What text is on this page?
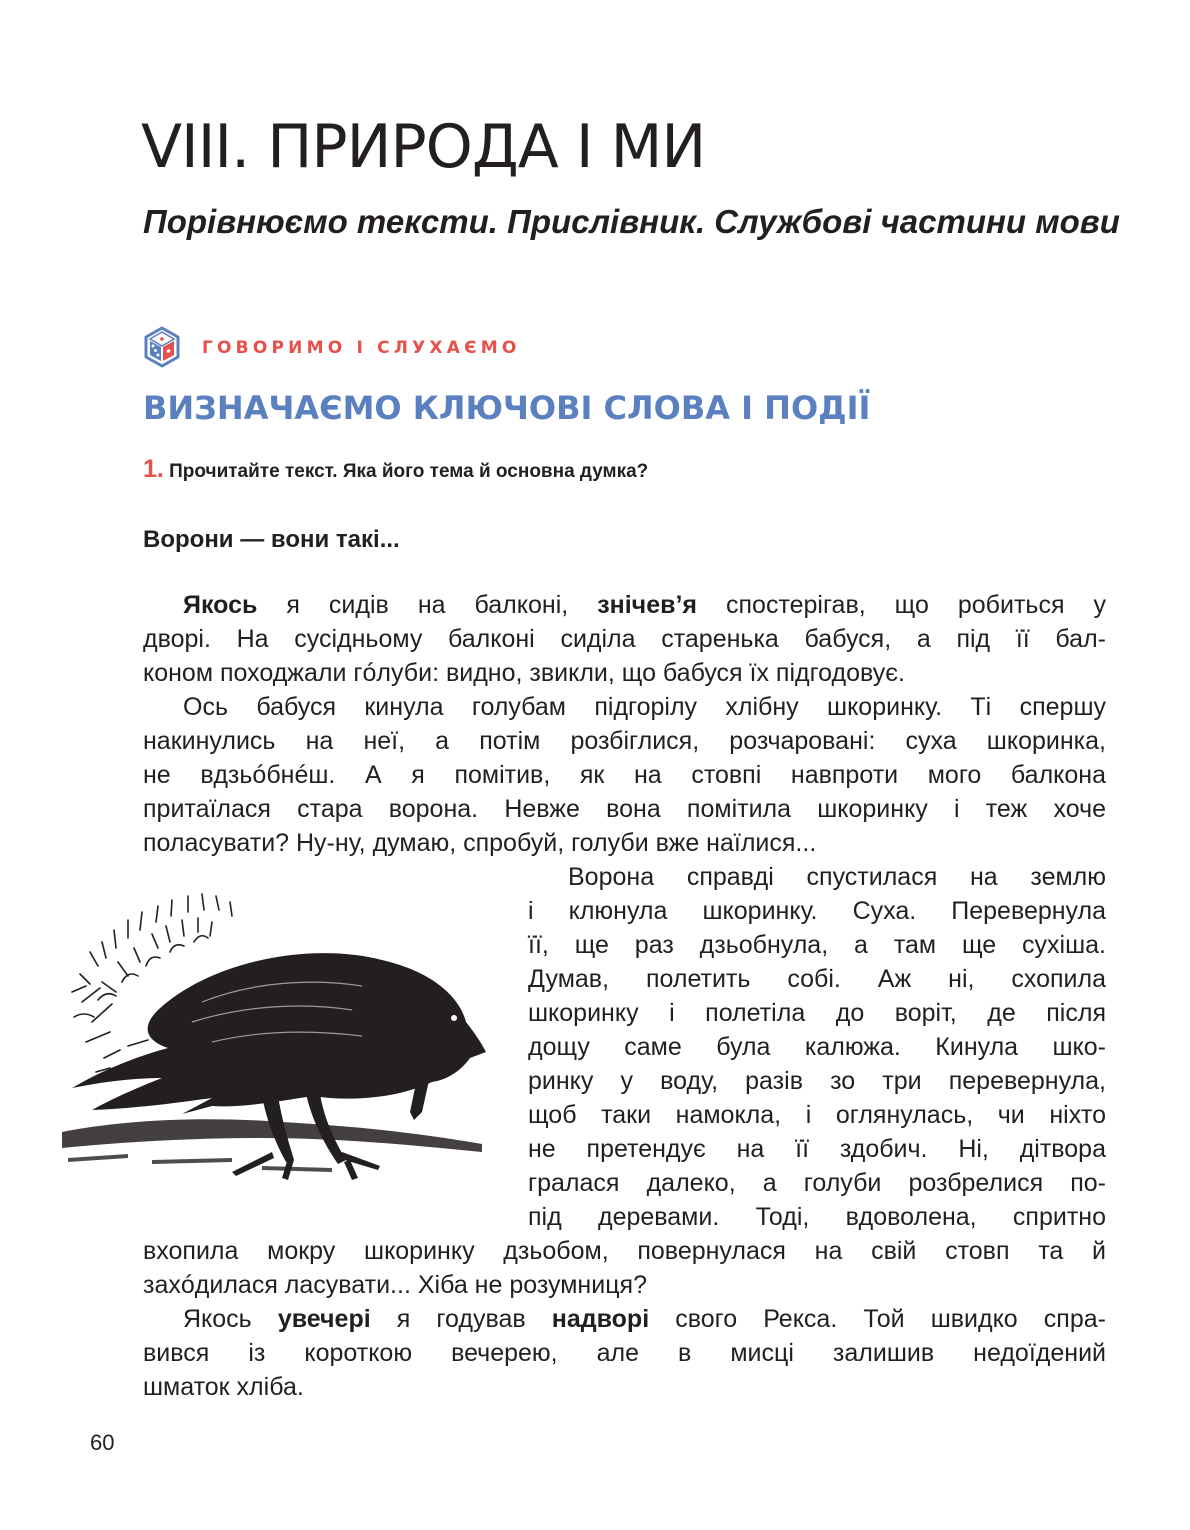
VIII. ПРИРОДА І МИ
Порівнюємо тексти. Прислівник. Службові частини мови
ГОВОРИМО І СЛУХАЄМО
ВИЗНАЧАЄМО КЛЮЧОВІ СЛОВА І ПОДІЇ
1. Прочитайте текст. Яка його тема й основна думка?
Ворони — вони такі...
Якось я сидів на балконі, знічев’я спостерігав, що робиться у
дворі. На сусідньому балконі сиділа старенька бабуся, а під її бал-
коном походжали гóлуби: видно, звикли, що бабуся їх підгодовує.
Ось бабуся кинула голубам підгорілу хлібну шкоринку. Ті спершу
накинулись на неї, а потім розбіглися, розчаровані: суха шкоринка,
не вдзьóбнéш. А я помітив, як на стовпі навпроти мого балкона
притаїлася стара ворона. Невже вона помітила шкоринку і теж хоче
поласувати? Ну-ну, думаю, спробуй, голуби вже наїлися...
Ворона справді спустилася на землю
і клюнула шкоринку. Суха. Перевернула
її, ще раз дзьобнула, а там ще сухіша.
Думав, полетить собі. Аж ні, схопила
шкоринку і полетіла до воріт, де після
дощу саме була калюжа. Кинула шко-
ринку у воду, разів зо три перевернула,
щоб таки намокла, і оглянулась, чи ніхто
не претендує на її здобич. Ні, дітвора
гралася далеко, а голуби розбрелися по-
під деревами. Тоді, вдоволена, спритно
вхопила мокру шкоринку дзьобом, повернулася на свій стовп та й
захóдилася ласувати... Хіба не розумниця?
Якось увечері я годував надворі свого Рекса. Той швидко спра-
вився із короткою вечерею, але в мисці залишив недоїдений
шматок хліба.
60
